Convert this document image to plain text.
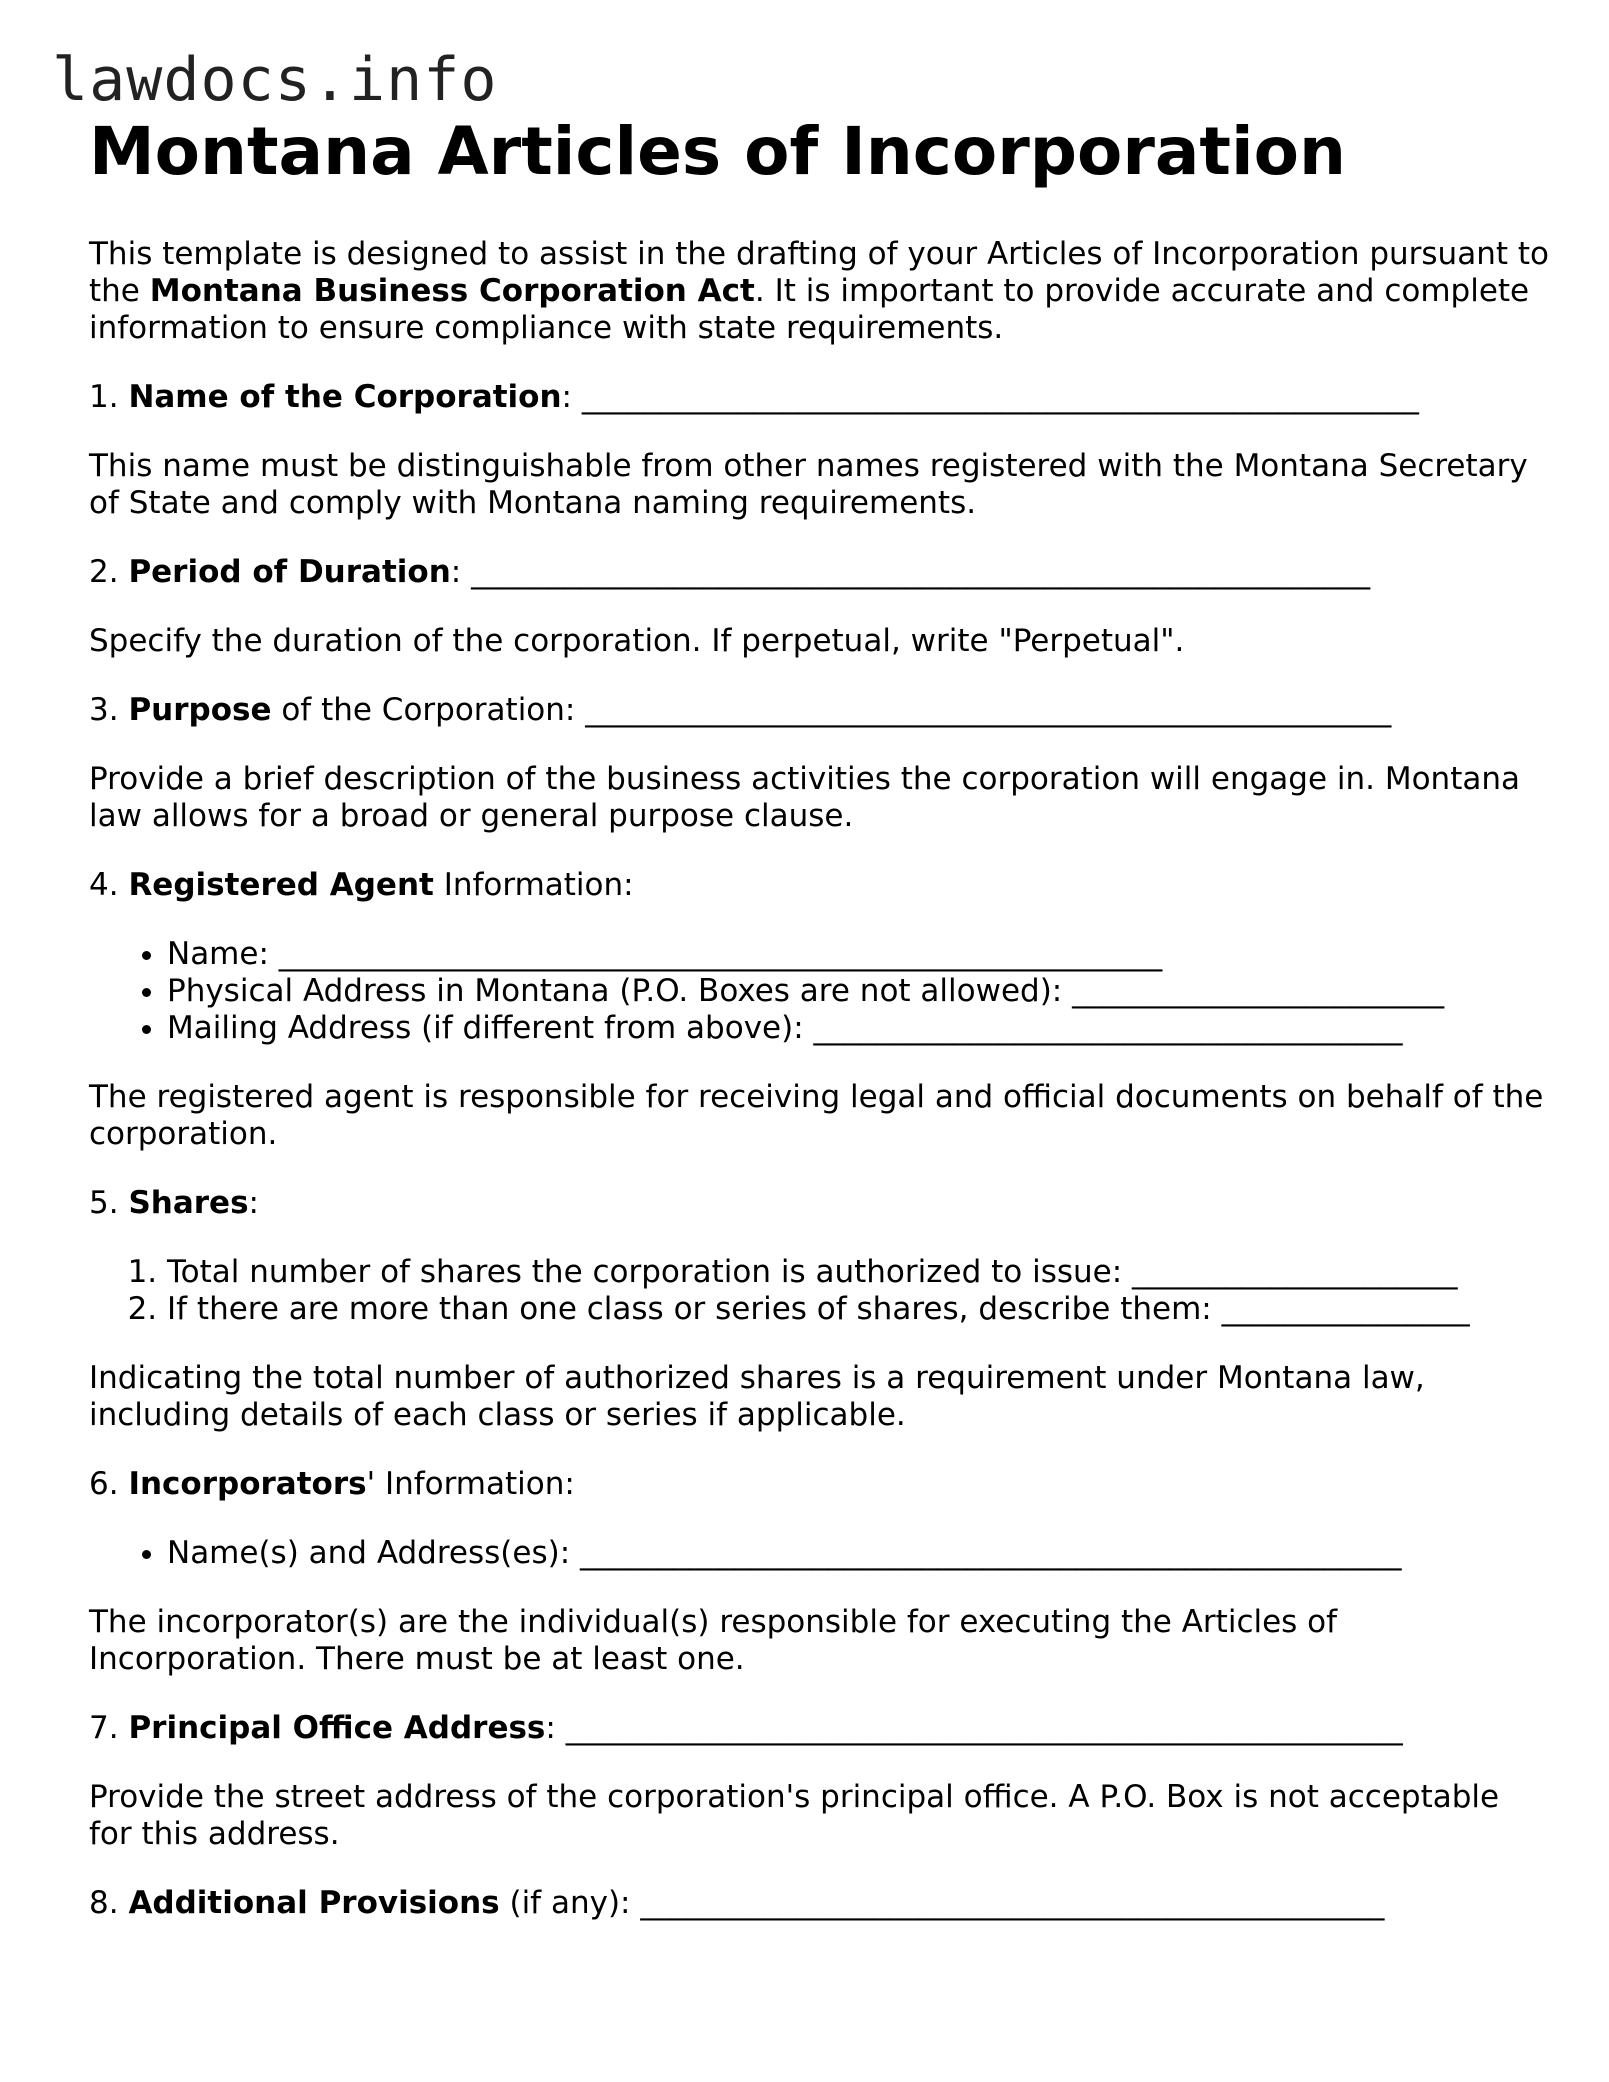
lawdocs.info
Montana Articles of Incorporation

This template is designed to assist in the drafting of your Articles of Incorporation pursuant to the Montana Business Corporation Act. It is important to provide accurate and complete information to ensure compliance with state requirements.

1. Name of the Corporation: ______________________________________________________

This name must be distinguishable from other names registered with the Montana Secretary of State and comply with Montana naming requirements.

2. Period of Duration: __________________________________________________________

Specify the duration of the corporation. If perpetual, write "Perpetual".

3. Purpose of the Corporation: ____________________________________________________

Provide a brief description of the business activities the corporation will engage in. Montana law allows for a broad or general purpose clause.

4. Registered Agent Information:

• Name: _________________________________________________________
• Physical Address in Montana (P.O. Boxes are not allowed): ________________________
• Mailing Address (if different from above): ______________________________________

The registered agent is responsible for receiving legal and official documents on behalf of the corporation.

5. Shares:

1. Total number of shares the corporation is authorized to issue: _____________________
2. If there are more than one class or series of shares, describe them: ________________

Indicating the total number of authorized shares is a requirement under Montana law, including details of each class or series if applicable.

6. Incorporators' Information:

• Name(s) and Address(es): _____________________________________________________

The incorporator(s) are the individual(s) responsible for executing the Articles of Incorporation. There must be at least one.

7. Principal Office Address: ______________________________________________________

Provide the street address of the corporation's principal office. A P.O. Box is not acceptable for this address.

8. Additional Provisions (if any): ________________________________________________
